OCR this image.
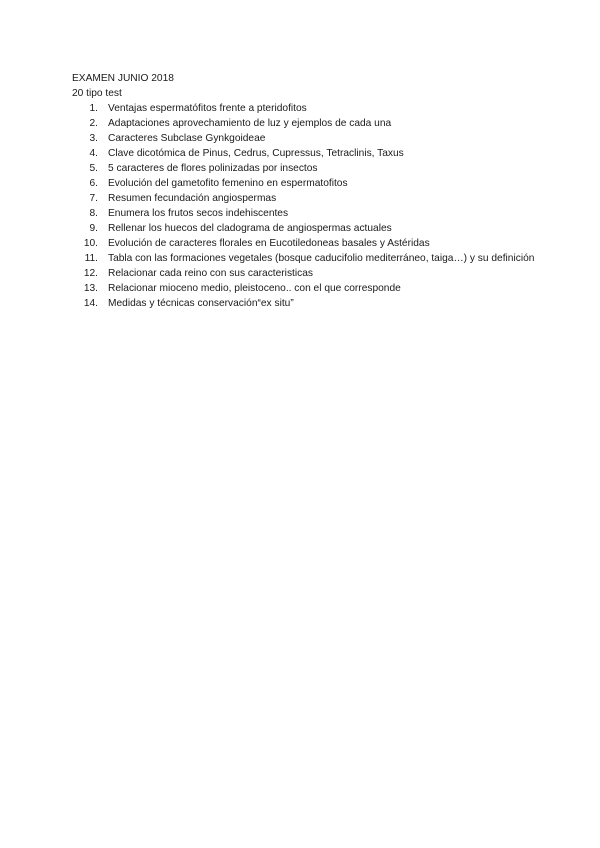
EXAMEN JUNIO 2018

20 tipo test

1. Ventajas espermatófitos frente a pteridofitos
2. Adaptaciones aprovechamiento de luz y ejemplos de cada una
3. Caracteres Subclase Gynkgoideae
4. Clave dicotómica de Pinus, Cedrus, Cupressus, Tetraclinis, Taxus
5. 5 caracteres de flores polinizadas por insectos
6. Evolución del gametofito femenino en espermatofitos
7. Resumen fecundación angiospermas
8. Enumera los frutos secos indehiscentes
9. Rellenar los huecos del cladograma de angiospermas actuales
10. Evolución de caracteres florales en Eucotiledoneas basales y Astéridas
11. Tabla con las formaciones vegetales (bosque caducifolio mediterráneo, taiga…) y su definición
12. Relacionar cada reino con sus caracteristicas
13. Relacionar mioceno medio, pleistoceno.. con el que corresponde
14. Medidas y técnicas conservación“ex situ”
